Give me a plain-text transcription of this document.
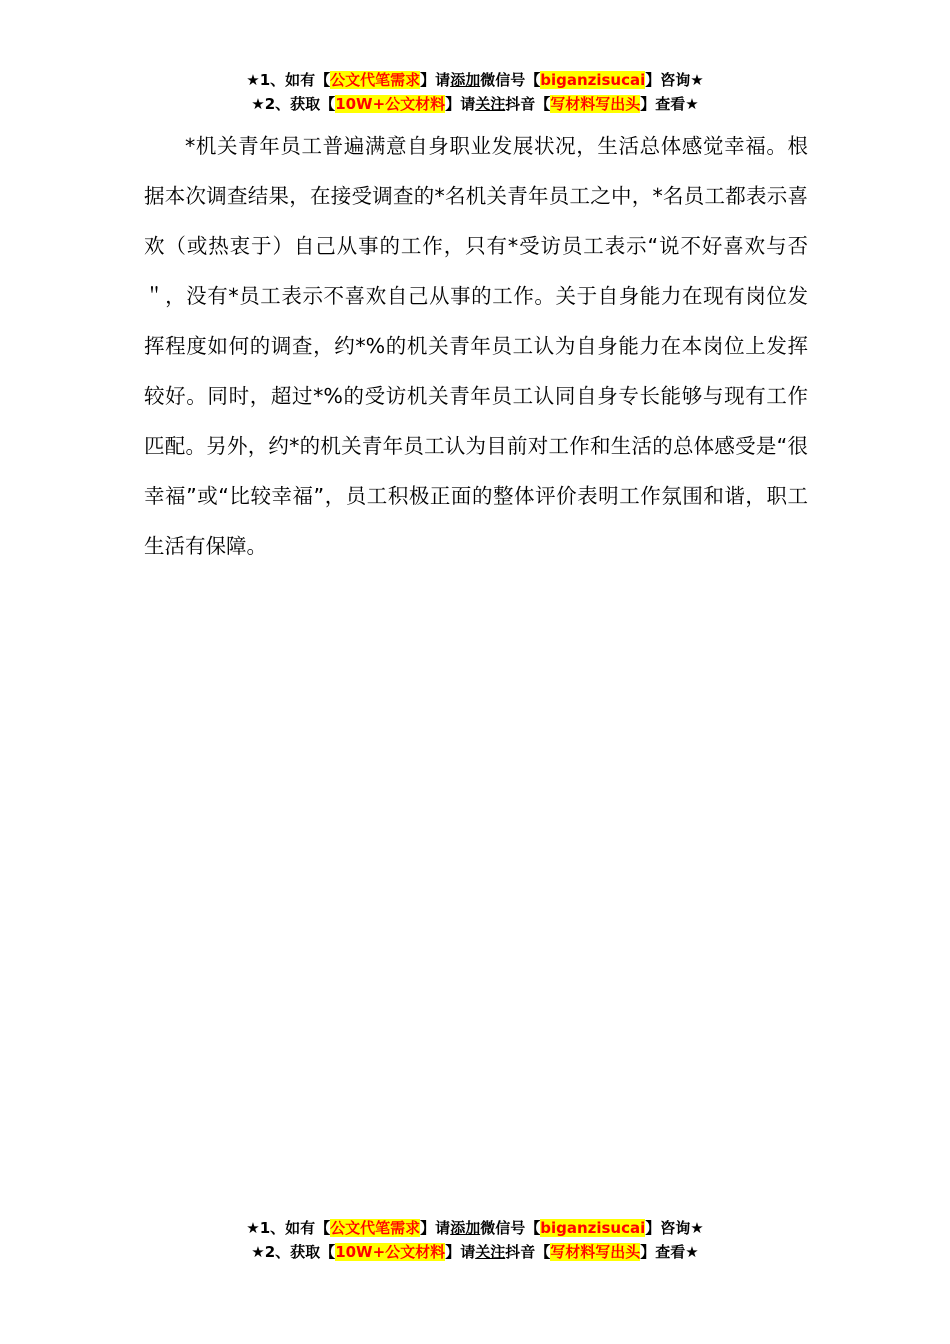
★1、如有【公文代笔需求】请添加微信号【biganzisucai】咨询★
★2、获取【10W+公文材料】请关注抖音【写材料写出头】查看★
*机关青年员工普遍满意自身职业发展状况，生活总体感觉幸福。根据本次调查结果，在接受调查的*名机关青年员工之中，*名员工都表示喜欢（或热衷于）自己从事的工作，只有*受访员工表示“说不好喜欢与否＂，没有*员工表示不喜欢自己从事的工作。关于自身能力在现有岗位发挥程度如何的调查，约*%的机关青年员工认为自身能力在本岗位上发挥较好。同时，超过*%的受访机关青年员工认同自身专长能够与现有工作匹配。另外，约*的机关青年员工认为目前对工作和生活的总体感受是“很幸福”或“比较幸福”，员工积极正面的整体评价表明工作氛围和谐，职工生活有保障。
★1、如有【公文代笔需求】请添加微信号【biganzisucai】咨询★
★2、获取【10W+公文材料】请关注抖音【写材料写出头】查看★
